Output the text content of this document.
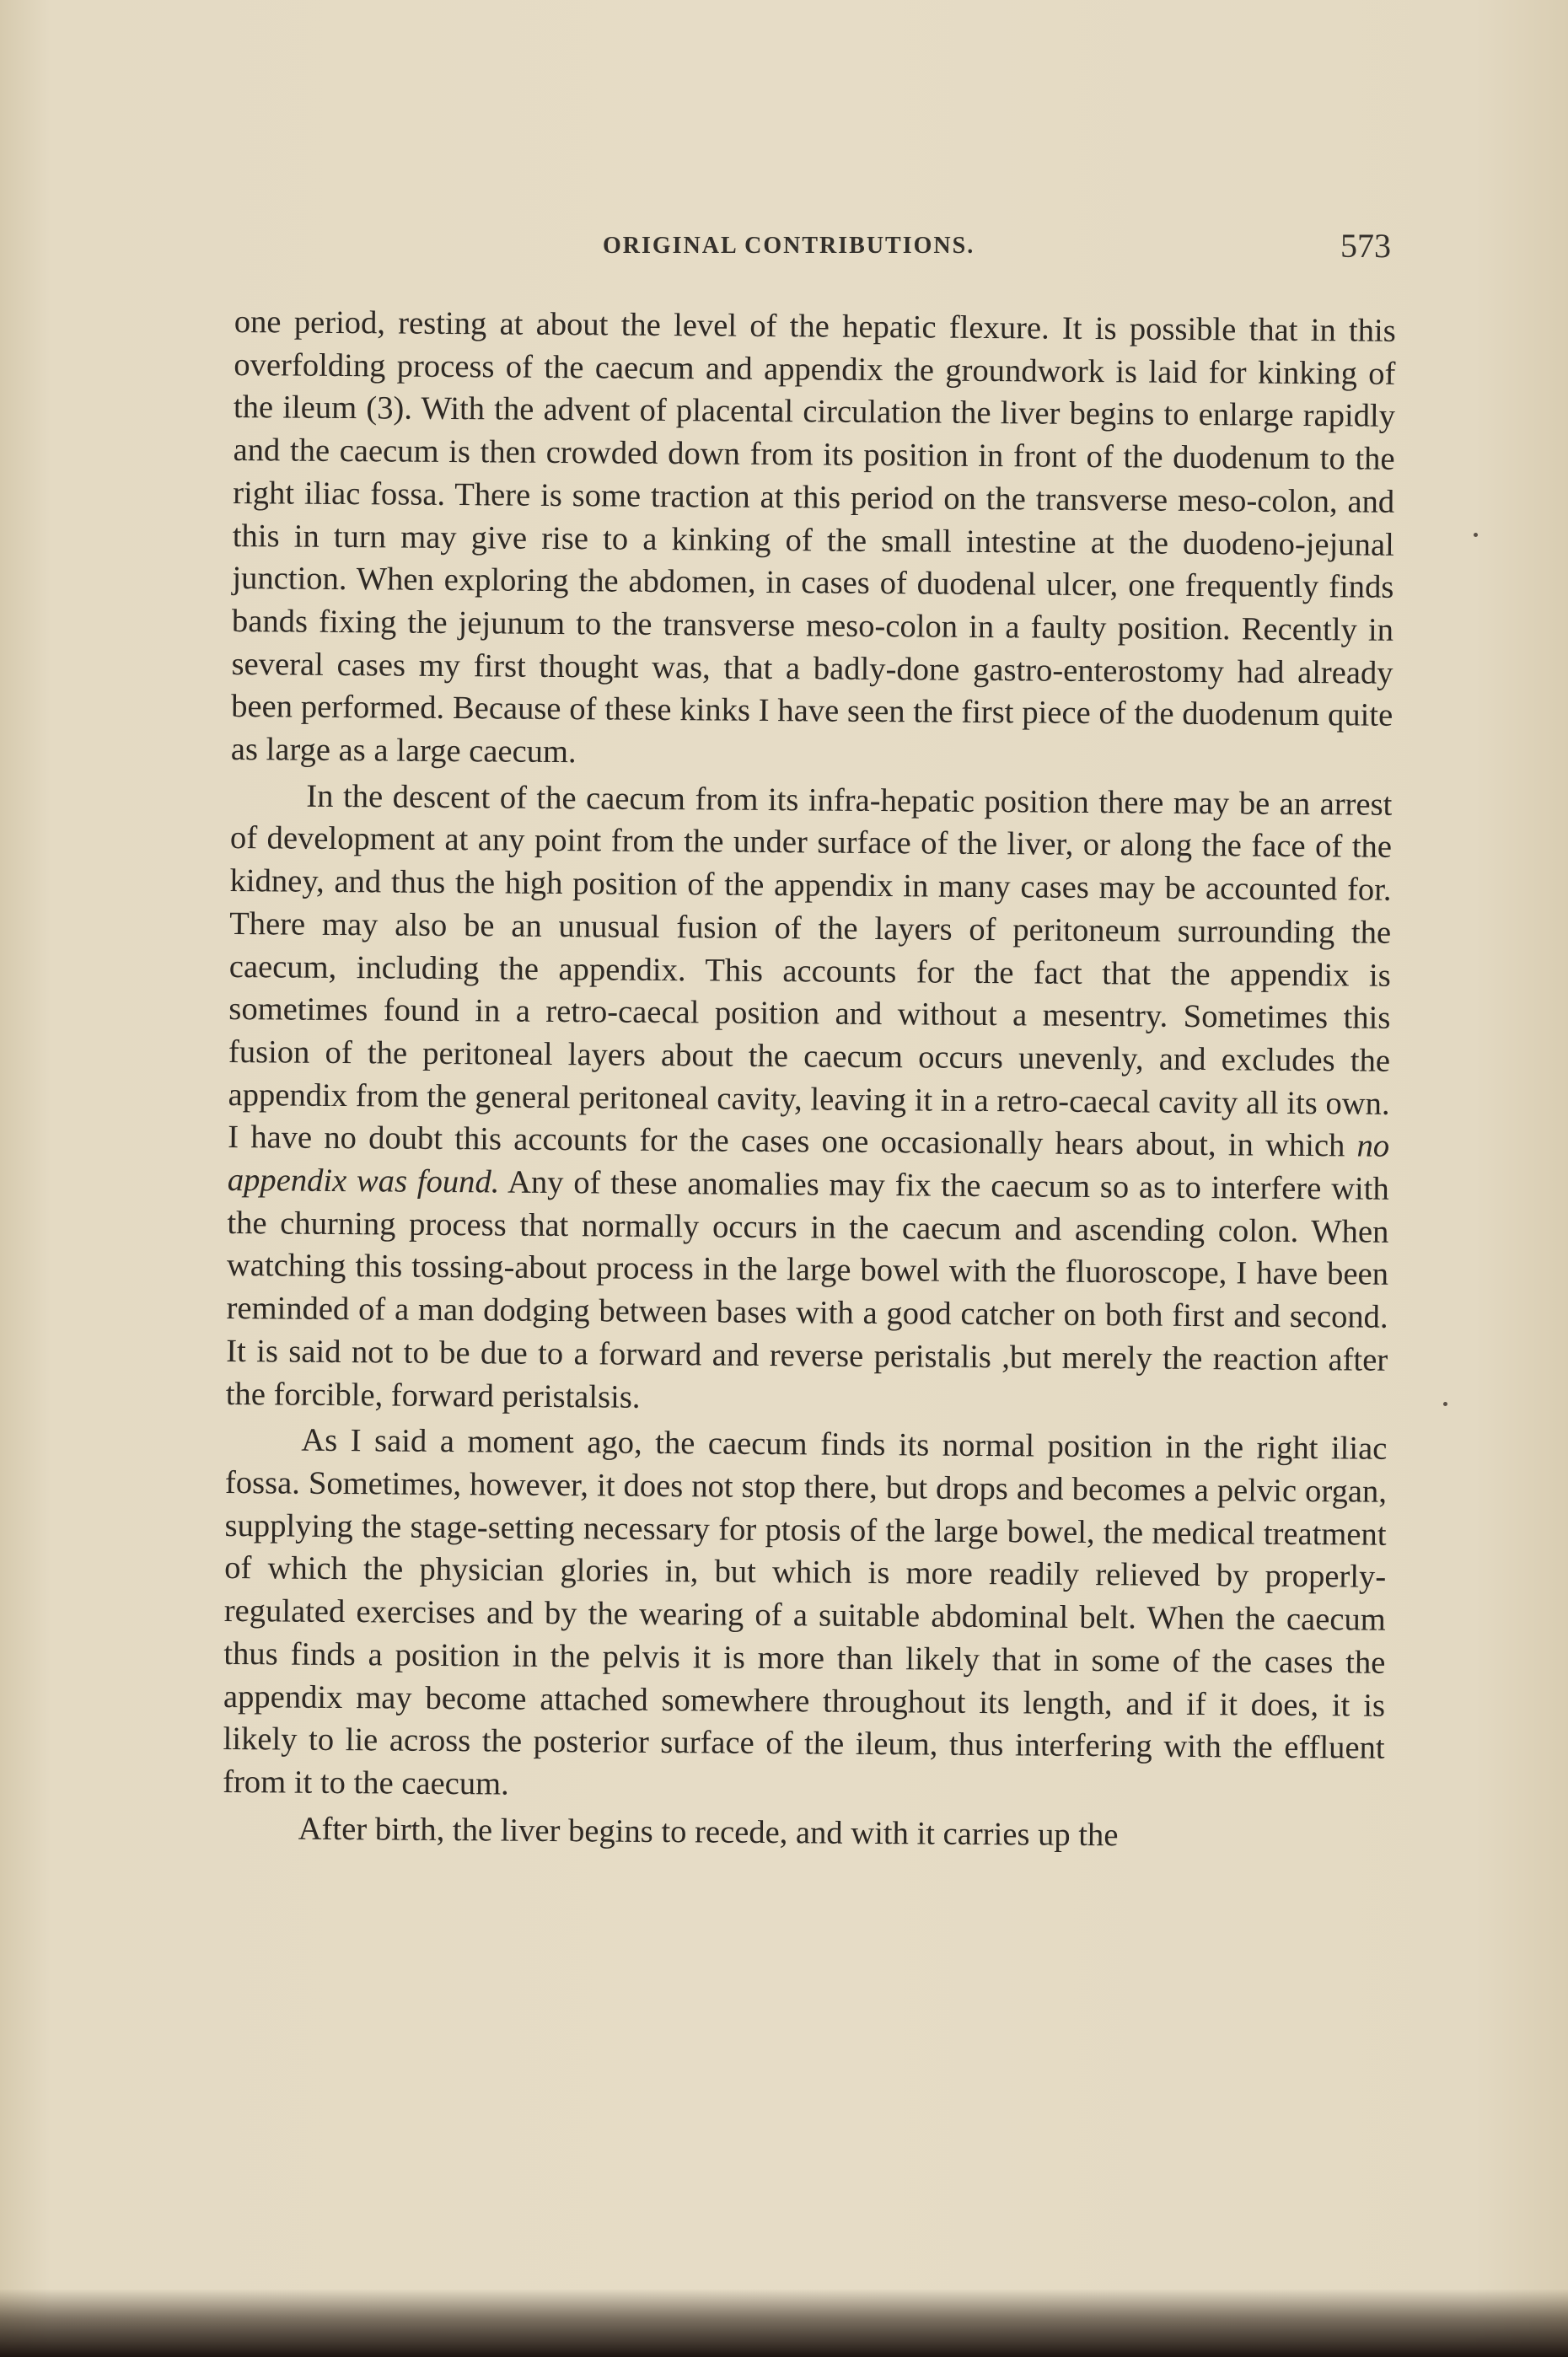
ORIGINAL CONTRIBUTIONS.	573

one period, resting at about the level of the hepatic flexure. It is possible that in this overfolding process of the caecum and appendix the groundwork is laid for kinking of the ileum (3). With the advent of placental circulation the liver begins to enlarge rapidly and the caecum is then crowded down from its position in front of the duodenum to the right iliac fossa. There is some traction at this period on the transverse meso-colon, and this in turn may give rise to a kinking of the small intestine at the duodeno-jejunal junction. When exploring the abdomen, in cases of duodenal ulcer, one frequently finds bands fixing the jejunum to the transverse meso-colon in a faulty position. Recently in several cases my first thought was, that a badly-done gastro-enterostomy had already been performed. Because of these kinks I have seen the first piece of the duodenum quite as large as a large caecum.

In the descent of the caecum from its infra-hepatic position there may be an arrest of development at any point from the under surface of the liver, or along the face of the kidney, and thus the high position of the appendix in many cases may be accounted for. There may also be an unusual fusion of the layers of peritoneum surrounding the caecum, including the appendix. This accounts for the fact that the appendix is sometimes found in a retro-caecal position and without a mesentry. Sometimes this fusion of the peritoneal layers about the caecum occurs unevenly, and excludes the appendix from the general peritoneal cavity, leaving it in a retro-caecal cavity all its own. I have no doubt this accounts for the cases one occasionally hears about, in which no appendix was found. Any of these anomalies may fix the caecum so as to interfere with the churning process that normally occurs in the caecum and ascending colon. When watching this tossing-about process in the large bowel with the fluoroscope, I have been reminded of a man dodging between bases with a good catcher on both first and second. It is said not to be due to a forward and reverse peristalis ,but merely the reaction after the forcible, forward peristalsis.

As I said a moment ago, the caecum finds its normal position in the right iliac fossa. Sometimes, however, it does not stop there, but drops and becomes a pelvic organ, supplying the stage-setting necessary for ptosis of the large bowel, the medical treatment of which the physician glories in, but which is more readily relieved by properly-regulated exercises and by the wearing of a suitable abdominal belt. When the caecum thus finds a position in the pelvis it is more than likely that in some of the cases the appendix may become attached somewhere throughout its length, and if it does, it is likely to lie across the posterior surface of the ileum, thus interfering with the effluent from it to the caecum.

After birth, the liver begins to recede, and with it carries up the
